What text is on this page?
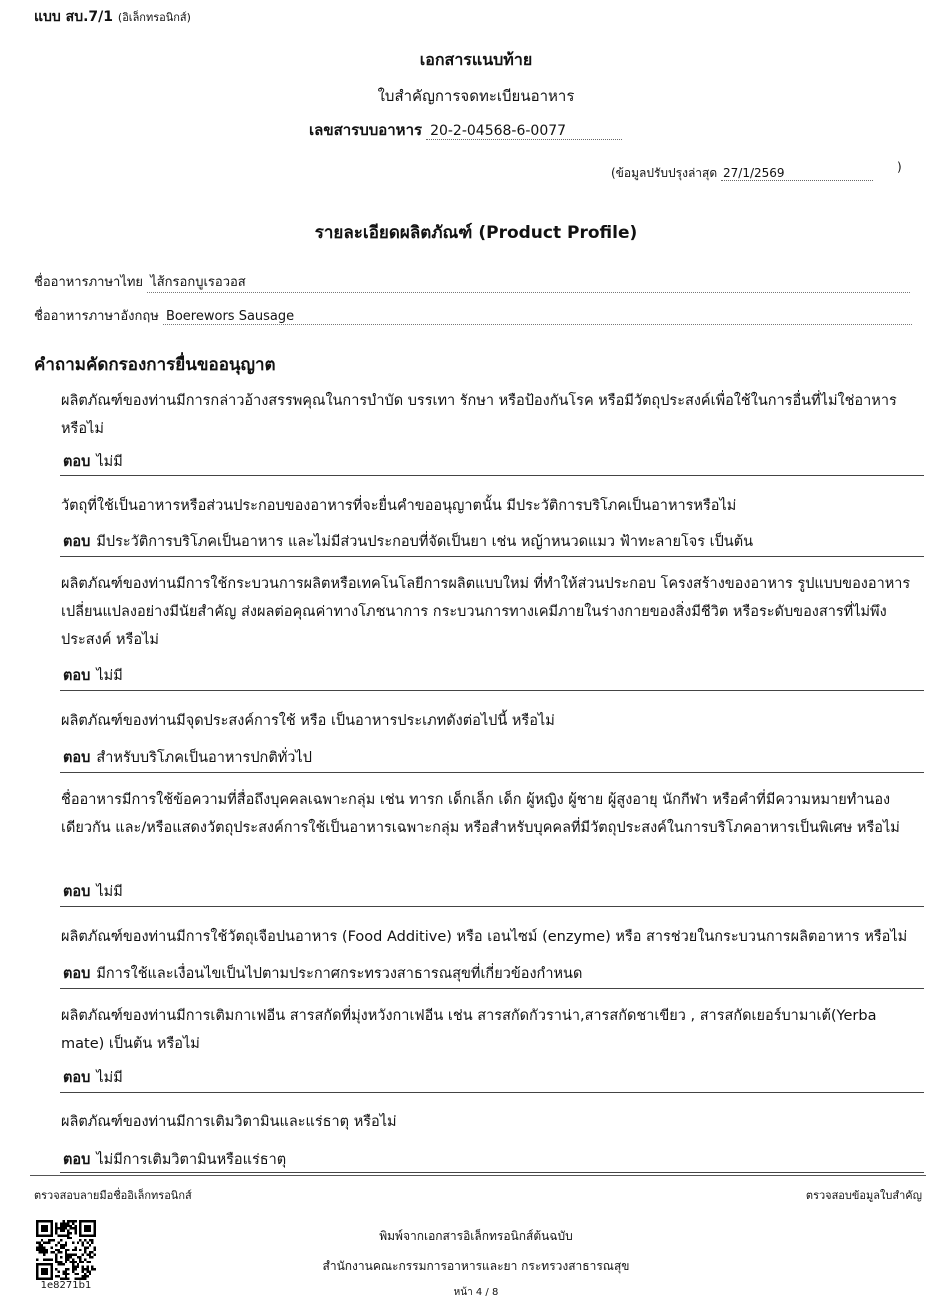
แบบ สบ.7/1 (อิเล็กทรอนิกส์)
เอกสารแนบท้าย
ใบสำคัญการจดทะเบียนอาหาร
เลขสารบบอาหาร 20-2-04568-6-0077
(ข้อมูลปรับปรุงล่าสุด 27/1/2569	)
รายละเอียดผลิตภัณฑ์ (Product Profile)
ชื่ออาหารภาษาไทย ไส้กรอกบูเรอวอส
ชื่ออาหารภาษาอังกฤษ Boerewors Sausage
คำถามคัดกรองการยื่นขออนุญาต
ผลิตภัณฑ์ของท่านมีการกล่าวอ้างสรรพคุณในการบำบัด บรรเทา รักษา หรือป้องกันโรค หรือมีวัตถุประสงค์เพื่อใช้ในการอื่นที่ไม่ใช่อาหาร หรือไม่
ตอบ ไม่มี
วัตถุที่ใช้เป็นอาหารหรือส่วนประกอบของอาหารที่จะยื่นคำขออนุญาตนั้น มีประวัติการบริโภคเป็นอาหารหรือไม่
ตอบ มีประวัติการบริโภคเป็นอาหาร และไม่มีส่วนประกอบที่จัดเป็นยา เช่น หญ้าหนวดแมว ฟ้าทะลายโจร เป็นต้น
ผลิตภัณฑ์ของท่านมีการใช้กระบวนการผลิตหรือเทคโนโลยีการผลิตแบบใหม่ ที่ทำให้ส่วนประกอบ โครงสร้างของอาหาร รูปแบบของอาหารเปลี่ยนแปลงอย่างมีนัยสำคัญ ส่งผลต่อคุณค่าทางโภชนาการ กระบวนการทางเคมีภายในร่างกายของสิ่งมีชีวิต หรือระดับของสารที่ไม่พึงประสงค์ หรือไม่
ตอบ ไม่มี
ผลิตภัณฑ์ของท่านมีจุดประสงค์การใช้ หรือ เป็นอาหารประเภทดังต่อไปนี้ หรือไม่
ตอบ สำหรับบริโภคเป็นอาหารปกติทั่วไป
ชื่ออาหารมีการใช้ข้อความที่สื่อถึงบุคคลเฉพาะกลุ่ม เช่น ทารก เด็กเล็ก เด็ก ผู้หญิง ผู้ชาย ผู้สูงอายุ นักกีฬา หรือคำที่มีความหมายทำนองเดียวกัน และ/หรือแสดงวัตถุประสงค์การใช้เป็นอาหารเฉพาะกลุ่ม หรือสำหรับบุคคลที่มีวัตถุประสงค์ในการบริโภคอาหารเป็นพิเศษ หรือไม่
ตอบ ไม่มี
ผลิตภัณฑ์ของท่านมีการใช้วัตถุเจือปนอาหาร (Food Additive) หรือ เอนไซม์ (enzyme) หรือ สารช่วยในกระบวนการผลิตอาหาร หรือไม่
ตอบ มีการใช้และเงื่อนไขเป็นไปตามประกาศกระทรวงสาธารณสุขที่เกี่ยวข้องกำหนด
ผลิตภัณฑ์ของท่านมีการเติมกาเฟอีน สารสกัดที่มุ่งหวังกาเฟอีน เช่น สารสกัดกัวราน่า,สารสกัดชาเขียว , สารสกัดเยอร์บามาเต้(Yerba mate) เป็นต้น หรือไม่
ตอบ ไม่มี
ผลิตภัณฑ์ของท่านมีการเติมวิตามินและแร่ธาตุ หรือไม่
ตอบ ไม่มีการเติมวิตามินหรือแร่ธาตุ
ตรวจสอบลายมือชื่ออิเล็กทรอนิกส์	ตรวจสอบข้อมูลใบสำคัญ
1e8271b1
พิมพ์จากเอกสารอิเล็กทรอนิกส์ต้นฉบับ
สำนักงานคณะกรรมการอาหารและยา กระทรวงสาธารณสุข
หน้า 4 / 8
